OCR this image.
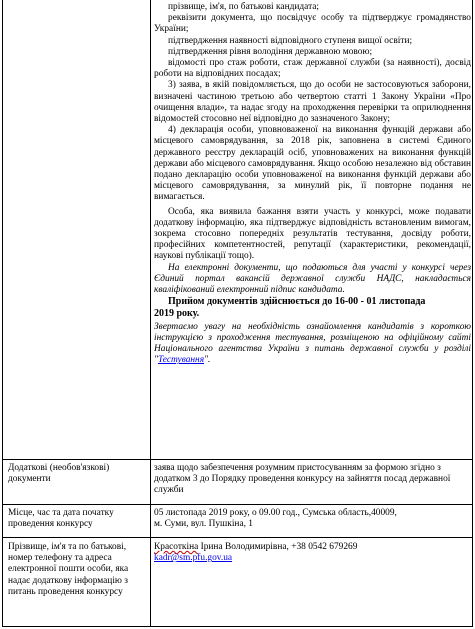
прізвище, ім'я, по батькові кандидата;

реквізити документа, що посвідчує особу та підтверджує громадянство України;

підтвердження наявності відповідного ступеня вищої освіти;

підтвердження рівня володіння державною мовою;

відомості про стаж роботи, стаж державної служби (за наявності), досвід роботи на відповідних посадах;

3) заява, в якій повідомляється, що до особи не застосовуються заборони, визначені частиною третьою або четвертою статті 1 Закону України «Про очищення влади», та надає згоду на проходження перевірки та оприлюднення відомостей стосовно неї відповідно до зазначеного Закону;

4) декларація особи, уповноваженої на виконання функцій держави або місцевого самоврядування, за 2018 рік, заповнена в системі Єдиного державного реєстру декларацій осіб, уповноважених на виконання функцій держави або місцевого самоврядування. Якщо особою незалежно від обставин подано декларацію особи уповноваженої на виконання функцій держави або місцевого самоврядування, за минулий рік, її повторне подання не вимагається.

Особа, яка виявила бажання взяти участь у конкурсі, може подавати додаткову інформацію, яка підтверджує відповідність встановленим вимогам, зокрема стосовно попередніх результатів тестування, досвіду роботи, професійних компетентностей, репутації (характеристики, рекомендації, наукові публікації тощо).

На електронні документи, що подаються для участі у конкурсі через Єдиний портал вакансій державної служби НАДС, накладається кваліфікований електронний підпис кандидата.

Прийом документів здійснюється до 16-00 - 01 листопада

2019 року.

Звертаємо увагу на необхідність ознайомлення кандидатів з короткою інструкцією з проходження тестування, розміщеною на офіційному сайті Національного агентства України з питань державної служби у розділі "Тестування".

Додаткові (необов'язкові) документи
заява щодо забезпечення розумним пристосуванням за формою згідно з додатком 3 до Порядку проведення конкурсу на зайняття посад державної служби
Місце, час та дата початку проведення конкурсу
05 листопада 2019 року, о 09.00 год., Сумська область,40009,
м. Суми, вул. Пушкіна, 1
Прізвище, ім'я та по батькові, номер телефону та адреса електронної пошти особи, яка надає додаткову інформацію з питань проведення конкурсу
Красоткіна Ірина Володимирівна, +38 0542 679269
kadr@sm.pfu.gov.ua
